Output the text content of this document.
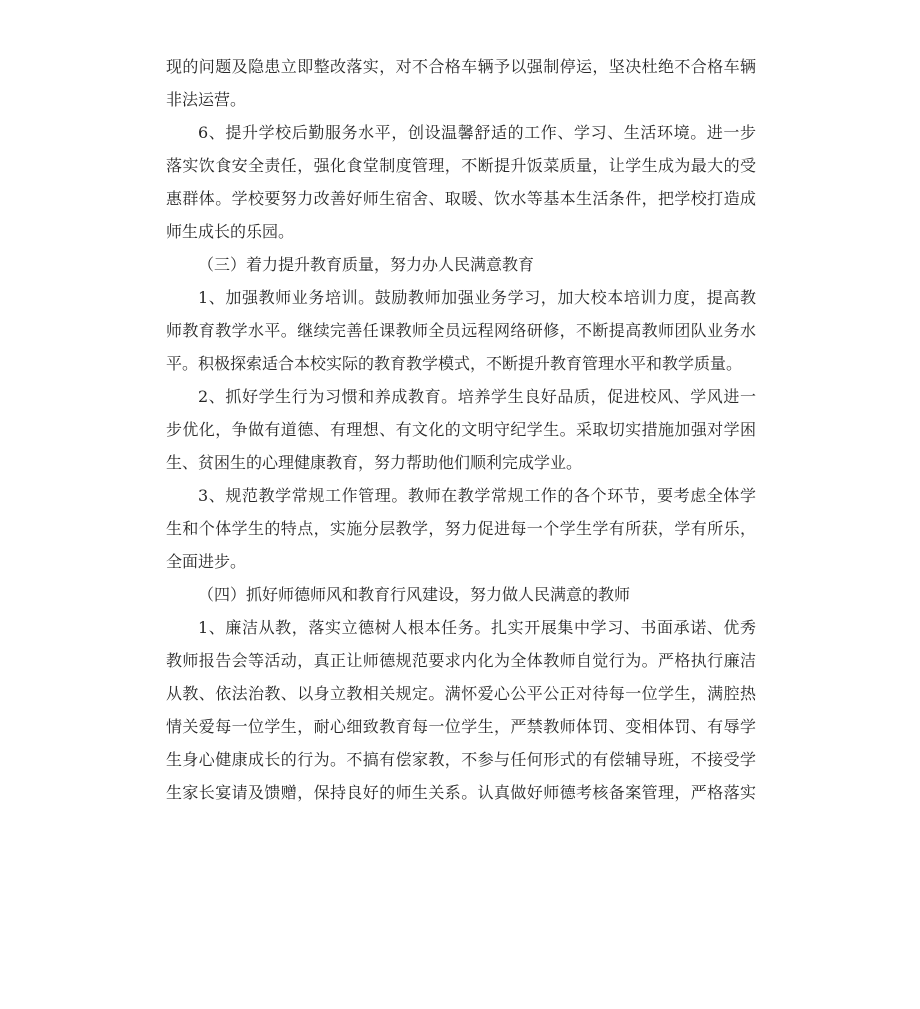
现的问题及隐患立即整改落实，对不合格车辆予以强制停运，坚决杜绝不合格车辆
非法运营。
6、提升学校后勤服务水平，创设温馨舒适的工作、学习、生活环境。进一步
落实饮食安全责任，强化食堂制度管理，不断提升饭菜质量，让学生成为最大的受
惠群体。学校要努力改善好师生宿舍、取暖、饮水等基本生活条件，把学校打造成
师生成长的乐园。
（三）着力提升教育质量，努力办人民满意教育
1、加强教师业务培训。鼓励教师加强业务学习，加大校本培训力度，提高教
师教育教学水平。继续完善任课教师全员远程网络研修，不断提高教师团队业务水
平。积极探索适合本校实际的教育教学模式，不断提升教育管理水平和教学质量。
2、抓好学生行为习惯和养成教育。培养学生良好品质，促进校风、学风进一
步优化，争做有道德、有理想、有文化的文明守纪学生。采取切实措施加强对学困
生、贫困生的心理健康教育，努力帮助他们顺利完成学业。
3、规范教学常规工作管理。教师在教学常规工作的各个环节，要考虑全体学
生和个体学生的特点，实施分层教学，努力促进每一个学生学有所获，学有所乐，
全面进步。
（四）抓好师德师风和教育行风建设，努力做人民满意的教师
1、廉洁从教，落实立德树人根本任务。扎实开展集中学习、书面承诺、优秀
教师报告会等活动，真正让师德规范要求内化为全体教师自觉行为。严格执行廉洁
从教、依法治教、以身立教相关规定。满怀爱心公平公正对待每一位学生，满腔热
情关爱每一位学生，耐心细致教育每一位学生，严禁教师体罚、变相体罚、有辱学
生身心健康成长的行为。不搞有偿家教，不参与任何形式的有偿辅导班，不接受学
生家长宴请及馈赠，保持良好的师生关系。认真做好师德考核备案管理，严格落实
